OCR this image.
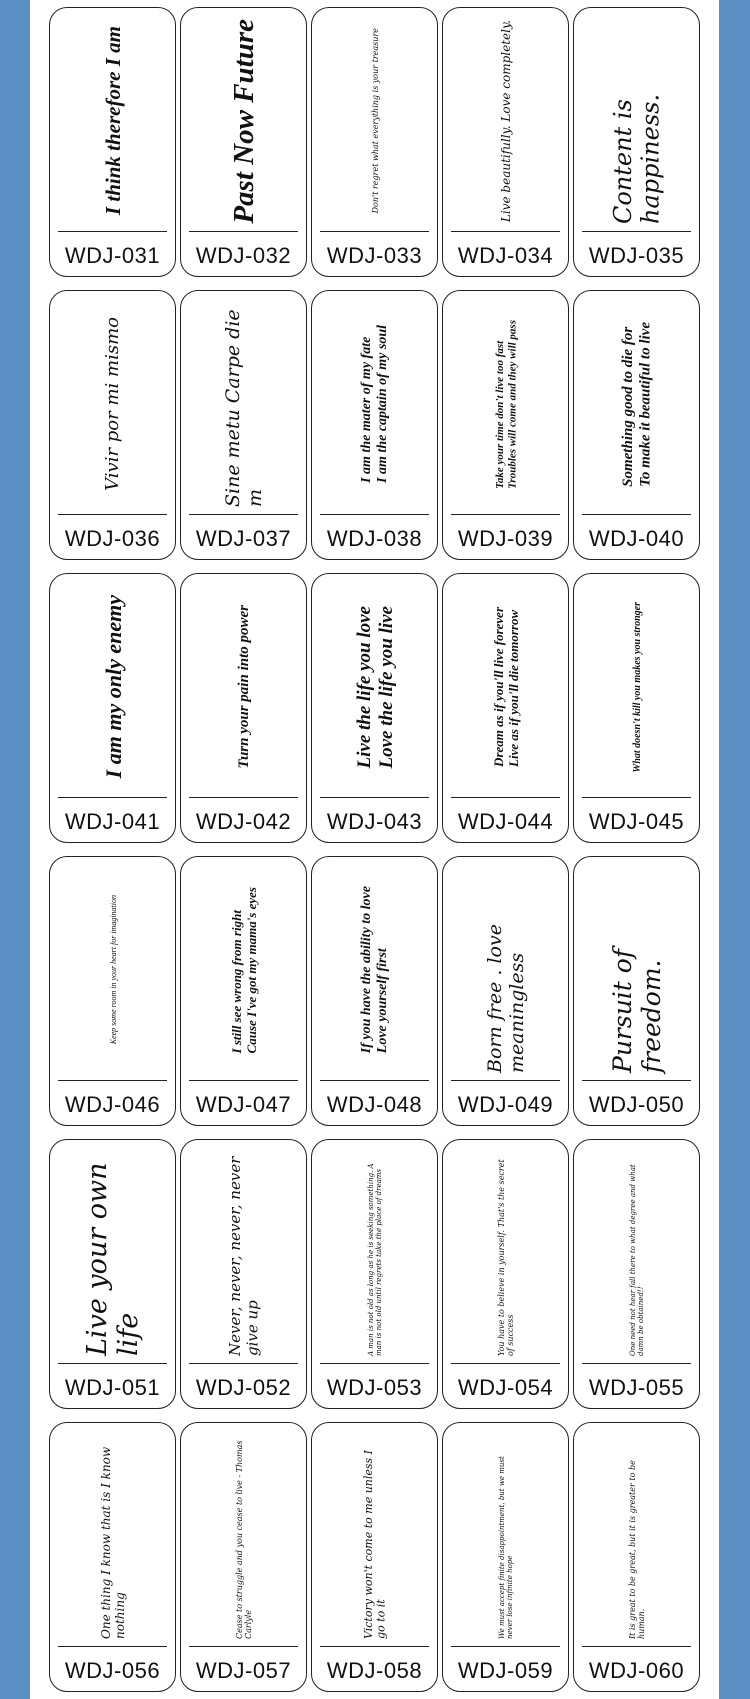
I think therefore I am
WDJ-031
Past Now Future
WDJ-032
Don't regret what everything is your treasure
WDJ-033
Live beautifully. Love completely.
WDJ-034
Content is happiness.
WDJ-035
Vivir por mi mismo
WDJ-036
Sine metu Carpe die m
WDJ-037
I am the mater of my fate
I am the captain of my soul
WDJ-038
Take your time don't live too fast
Troubles will come and they will pass
WDJ-039
Something good to die for
To make it beautiful to live
WDJ-040
I am my only enemy
WDJ-041
Turn your pain into power
WDJ-042
Live the life you love
Love the life you live
WDJ-043
Dream as if you'll live forever
Live as if you'll die tomorrow
WDJ-044
What doesn't kill you makes you stronger
WDJ-045
Keep some room in your heart for imagination
WDJ-046
I still see wrong from right
Cause I've got my mama's eyes
WDJ-047
If you have the ability to love
Love yourself first
WDJ-048
Born free . love meaningless
WDJ-049
Pursuit of freedom.
WDJ-050
Live your own life
WDJ-051
Never, never, never, never give up
WDJ-052
A man is not old as long as he is seeking something. A man is not old until regrets take the place of dreams
WDJ-053
You have to believe in yourself. That's the secret of success
WDJ-054
One need not hear fall there to what degree and what damn be obtained!!
WDJ-055
One thing I know that is I know nothing
WDJ-056
Cease to struggle and you cease to live - Thomas Carlyle
WDJ-057
Victory won't come to me unless I go to it
WDJ-058
We must accept finite disappointment, but we must never lose infinite hope
WDJ-059
It is great to be great, but it is greater to be human.
WDJ-060
